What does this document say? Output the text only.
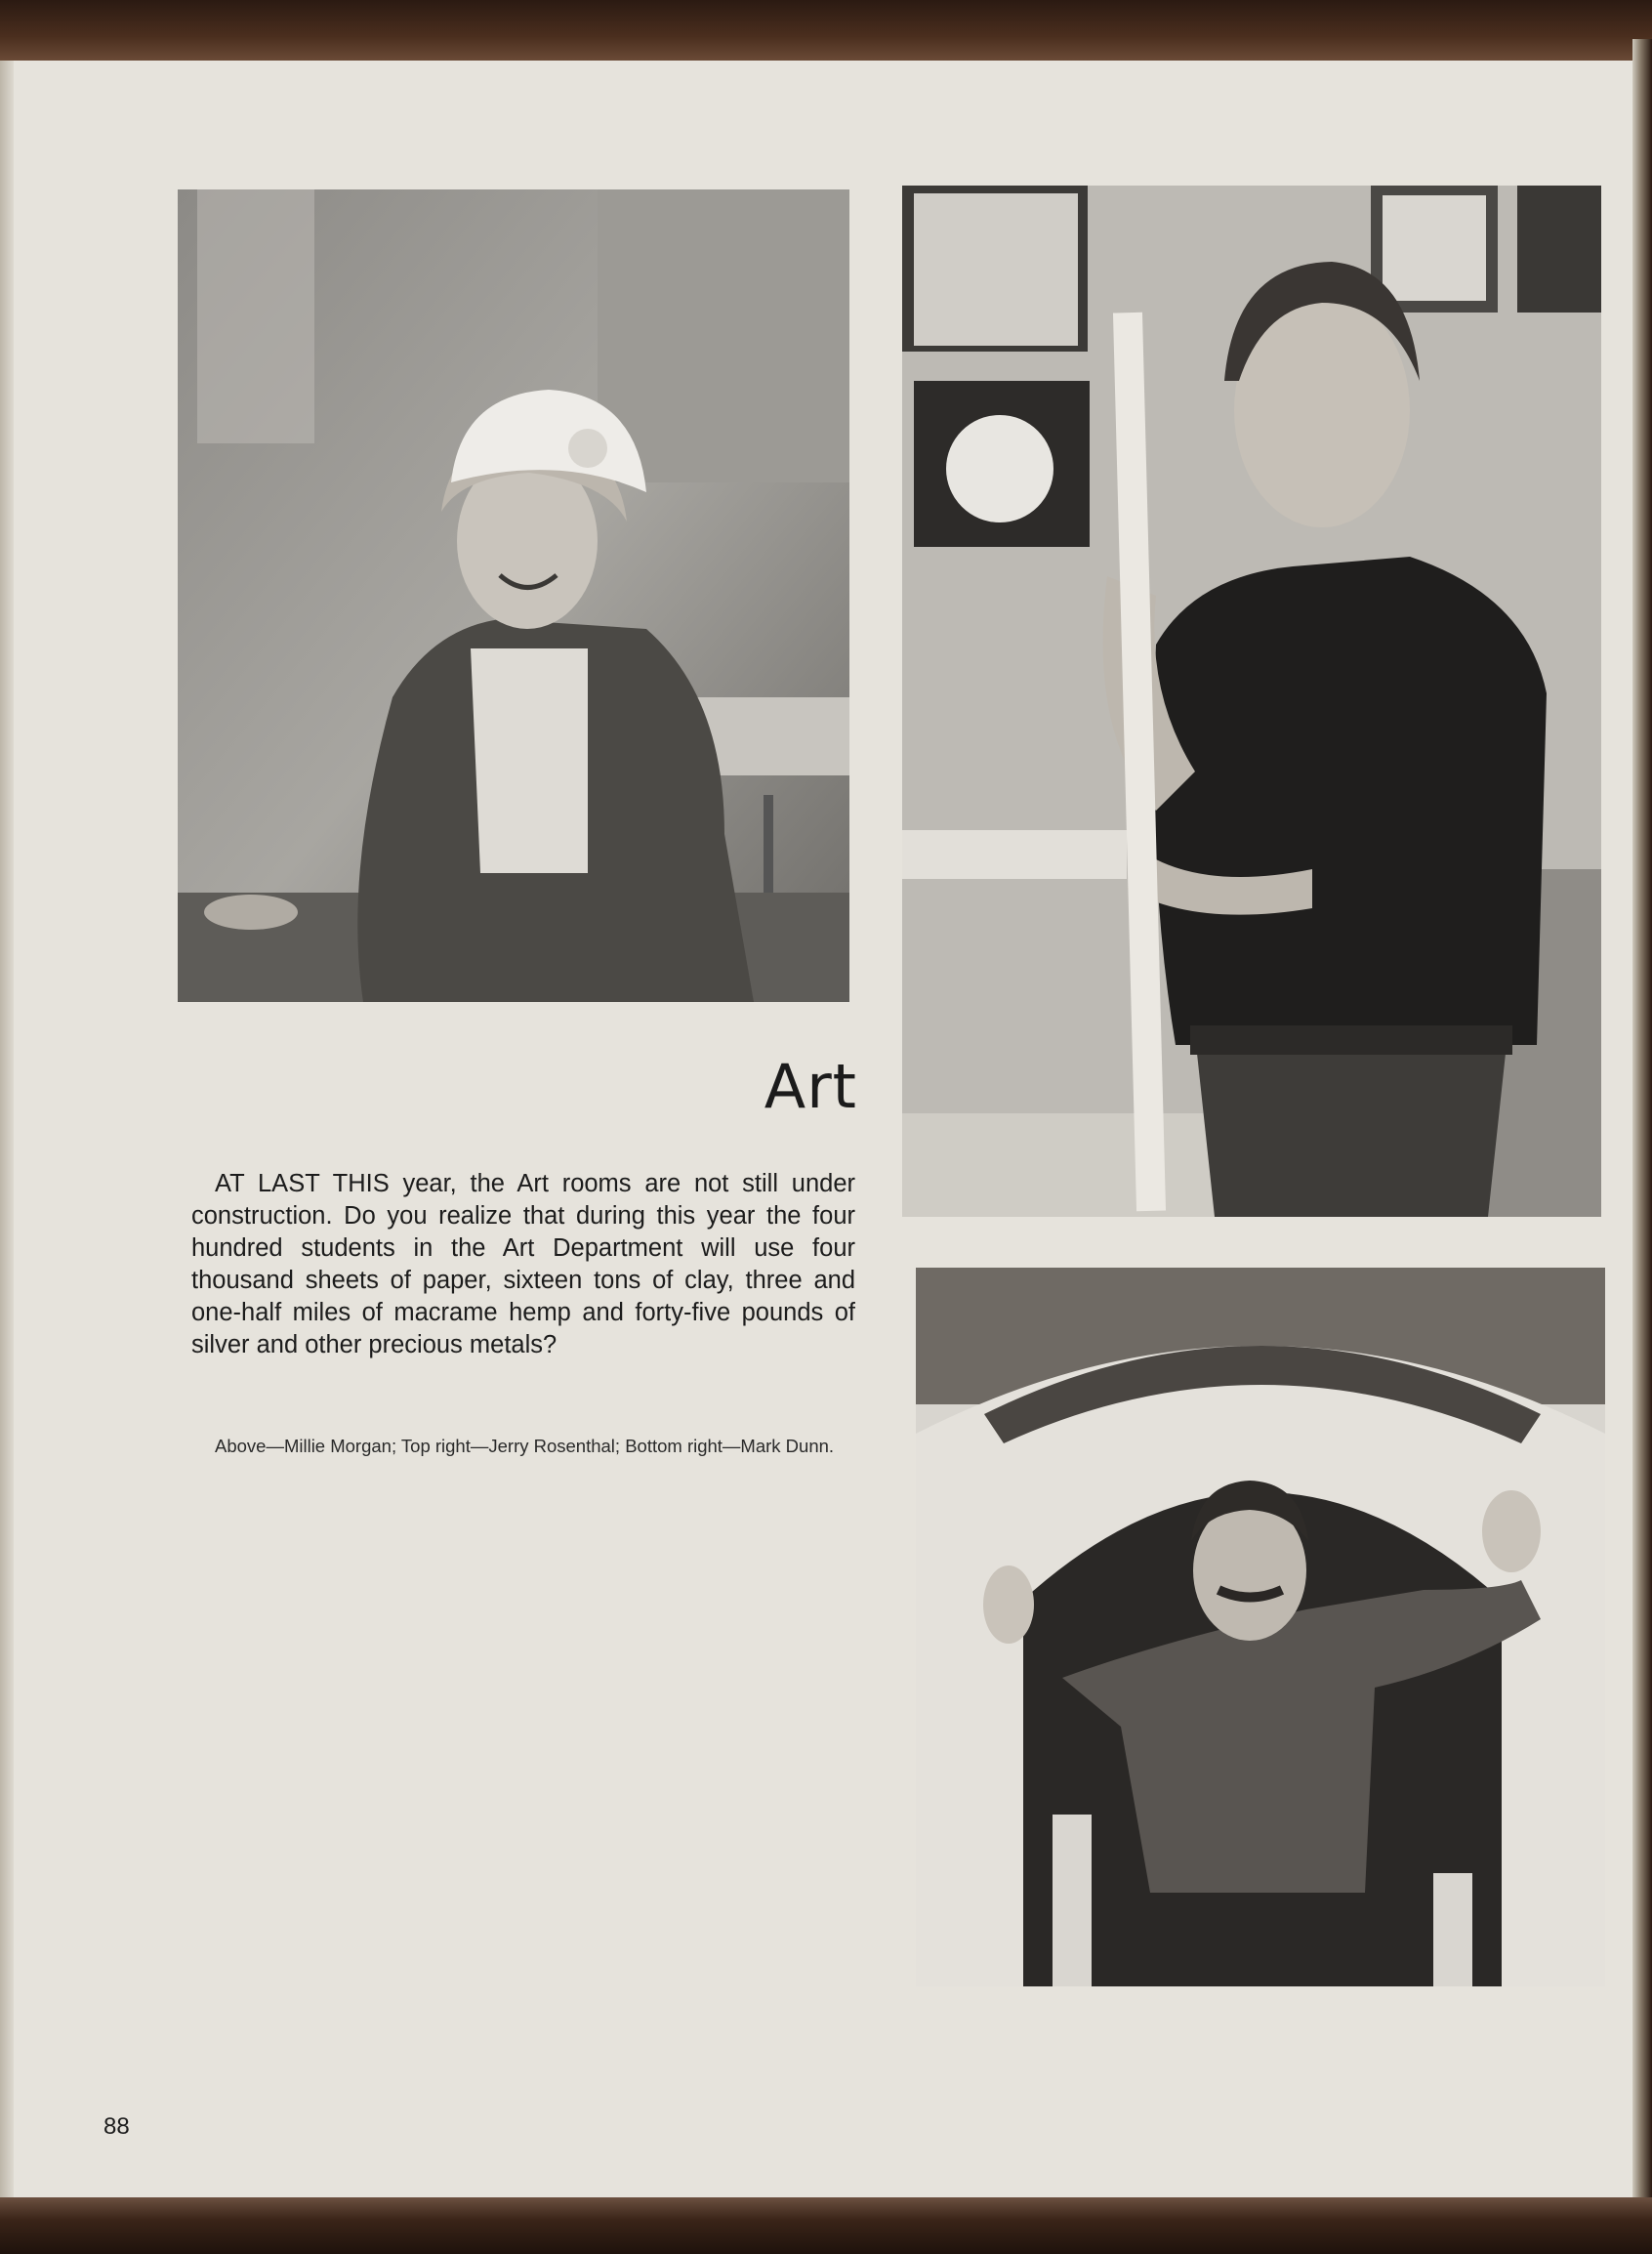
Art

AT LAST THIS year, the Art rooms are not still under construction. Do you realize that during this year the four hundred students in the Art Department will use four thousand sheets of paper, sixteen tons of clay, three and one-half miles of macrame hemp and forty-five pounds of silver and other precious metals?

Above—Millie Morgan; Top right—Jerry Rosenthal; Bottom right—Mark Dunn.

88
